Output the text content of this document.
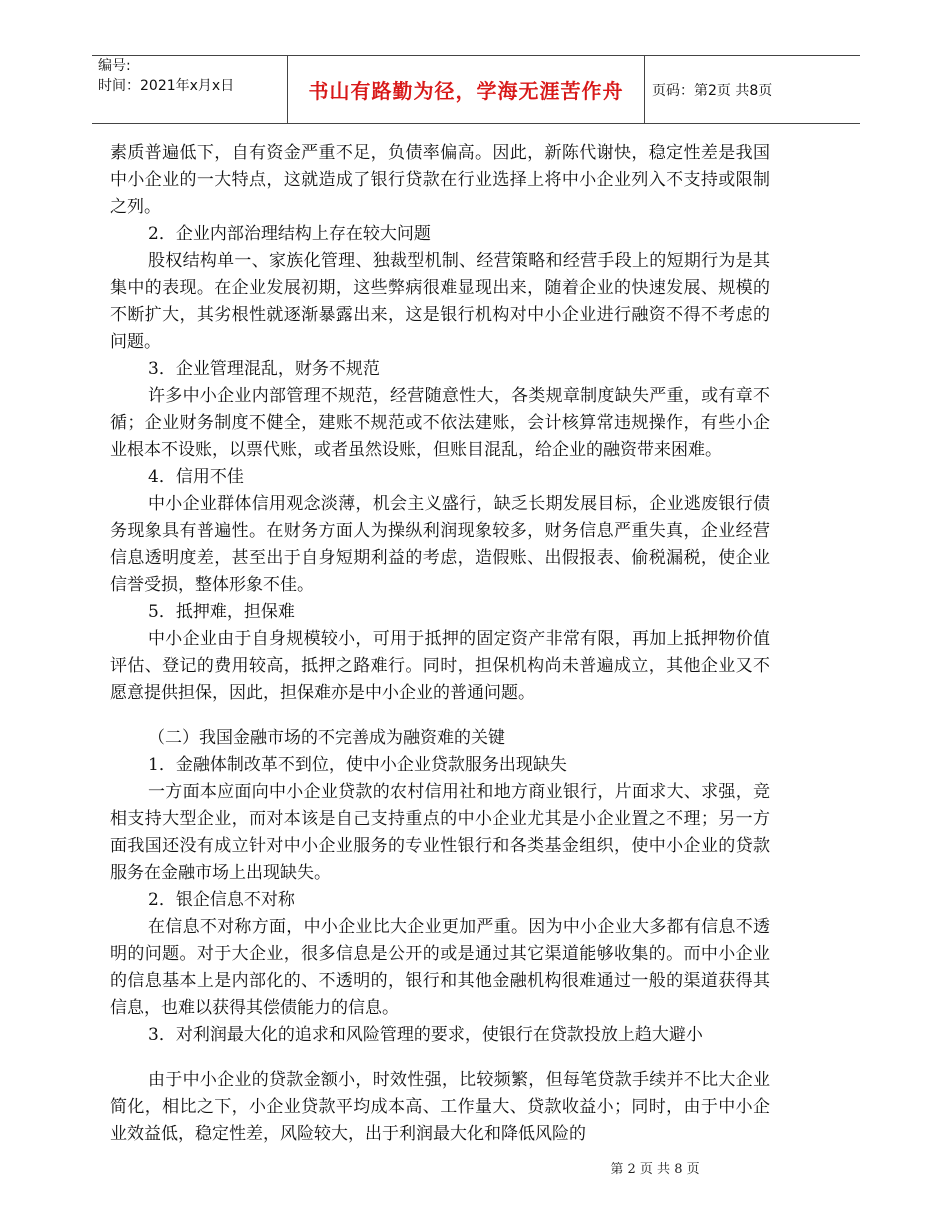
编号:
时间：2021年x月x日	书山有路勤为径，学海无涯苦作舟	页码：第2页 共8页

素质普遍低下，自有资金严重不足，负债率偏高。因此，新陈代谢快，稳定性差是我国中小企业的一大特点，这就造成了银行贷款在行业选择上将中小企业列入不支持或限制之列。

2．企业内部治理结构上存在较大问题

股权结构单一、家族化管理、独裁型机制、经营策略和经营手段上的短期行为是其集中的表现。在企业发展初期，这些弊病很难显现出来，随着企业的快速发展、规模的不断扩大，其劣根性就逐渐暴露出来，这是银行机构对中小企业进行融资不得不考虑的问题。

3．企业管理混乱，财务不规范

许多中小企业内部管理不规范，经营随意性大，各类规章制度缺失严重，或有章不循；企业财务制度不健全，建账不规范或不依法建账，会计核算常违规操作，有些小企业根本不设账，以票代账，或者虽然设账，但账目混乱，给企业的融资带来困难。

4．信用不佳

中小企业群体信用观念淡薄，机会主义盛行，缺乏长期发展目标，企业逃废银行债务现象具有普遍性。在财务方面人为操纵利润现象较多，财务信息严重失真，企业经营信息透明度差，甚至出于自身短期利益的考虑，造假账、出假报表、偷税漏税，使企业信誉受损，整体形象不佳。

5．抵押难，担保难

中小企业由于自身规模较小，可用于抵押的固定资产非常有限，再加上抵押物价值评估、登记的费用较高，抵押之路难行。同时，担保机构尚未普遍成立，其他企业又不愿意提供担保，因此，担保难亦是中小企业的普通问题。

（二）我国金融市场的不完善成为融资难的关键

1．金融体制改革不到位，使中小企业贷款服务出现缺失

一方面本应面向中小企业贷款的农村信用社和地方商业银行，片面求大、求强，竞相支持大型企业，而对本该是自己支持重点的中小企业尤其是小企业置之不理；另一方面我国还没有成立针对中小企业服务的专业性银行和各类基金组织，使中小企业的贷款服务在金融市场上出现缺失。

2．银企信息不对称

在信息不对称方面，中小企业比大企业更加严重。因为中小企业大多都有信息不透明的问题。对于大企业，很多信息是公开的或是通过其它渠道能够收集的。而中小企业的信息基本上是内部化的、不透明的，银行和其他金融机构很难通过一般的渠道获得其信息，也难以获得其偿债能力的信息。

3．对利润最大化的追求和风险管理的要求，使银行在贷款投放上趋大避小

由于中小企业的贷款金额小，时效性强，比较频繁，但每笔贷款手续并不比大企业简化，相比之下，小企业贷款平均成本高、工作量大、贷款收益小；同时，由于中小企业效益低，稳定性差，风险较大，出于利润最大化和降低风险的

第 2 页 共 8 页
